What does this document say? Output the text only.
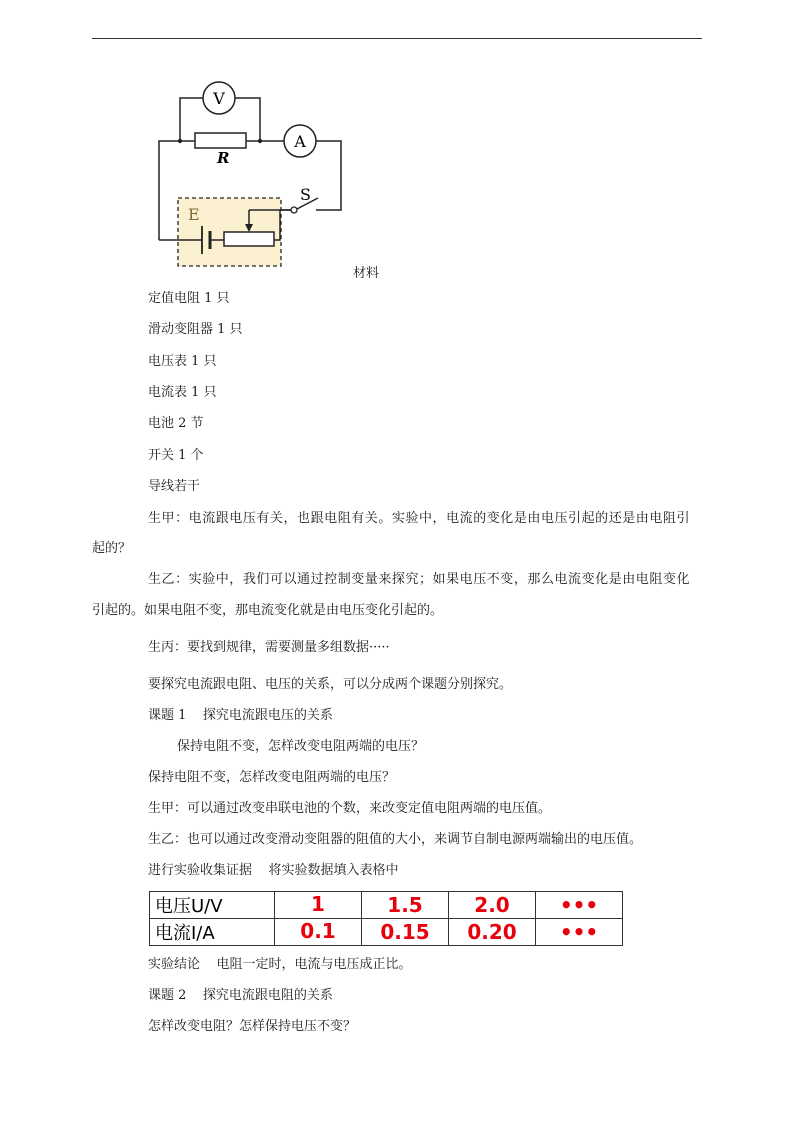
E
R
V
A
S
材料
定值电阻 1 只
滑动变阻器 1 只
电压表 1 只
电流表 1 只
电池 2 节
开关 1 个
导线若干
生甲：电流跟电压有关，也跟电阻有关。实验中，电流的变化是由电压引起的还是由电阻引
起的？
生乙：实验中，我们可以通过控制变量来探究；如果电压不变，那么电流变化是由电阻变化
引起的。如果电阻不变，那电流变化就是由电压变化引起的。
生丙：要找到规律，需要测量多组数据·····
要探究电流跟电阻、电压的关系，可以分成两个课题分别探究。
课题 1    探究电流跟电压的关系
保持电阻不变，怎样改变电阻两端的电压？
保持电阻不变，怎样改变电阻两端的电压？
生甲：可以通过改变串联电池的个数，来改变定值电阻两端的电压值。
生乙：也可以通过改变滑动变阻器的阻值的大小，来调节自制电源两端输出的电压值。
进行实验收集证据    将实验数据填入表格中
电压U/V	1	1.5	2.0	•••
电流I/A	0.1	0.15	0.20	•••
实验结论    电阻一定时，电流与电压成正比。
课题 2    探究电流跟电阻的关系
怎样改变电阻？怎样保持电压不变？
